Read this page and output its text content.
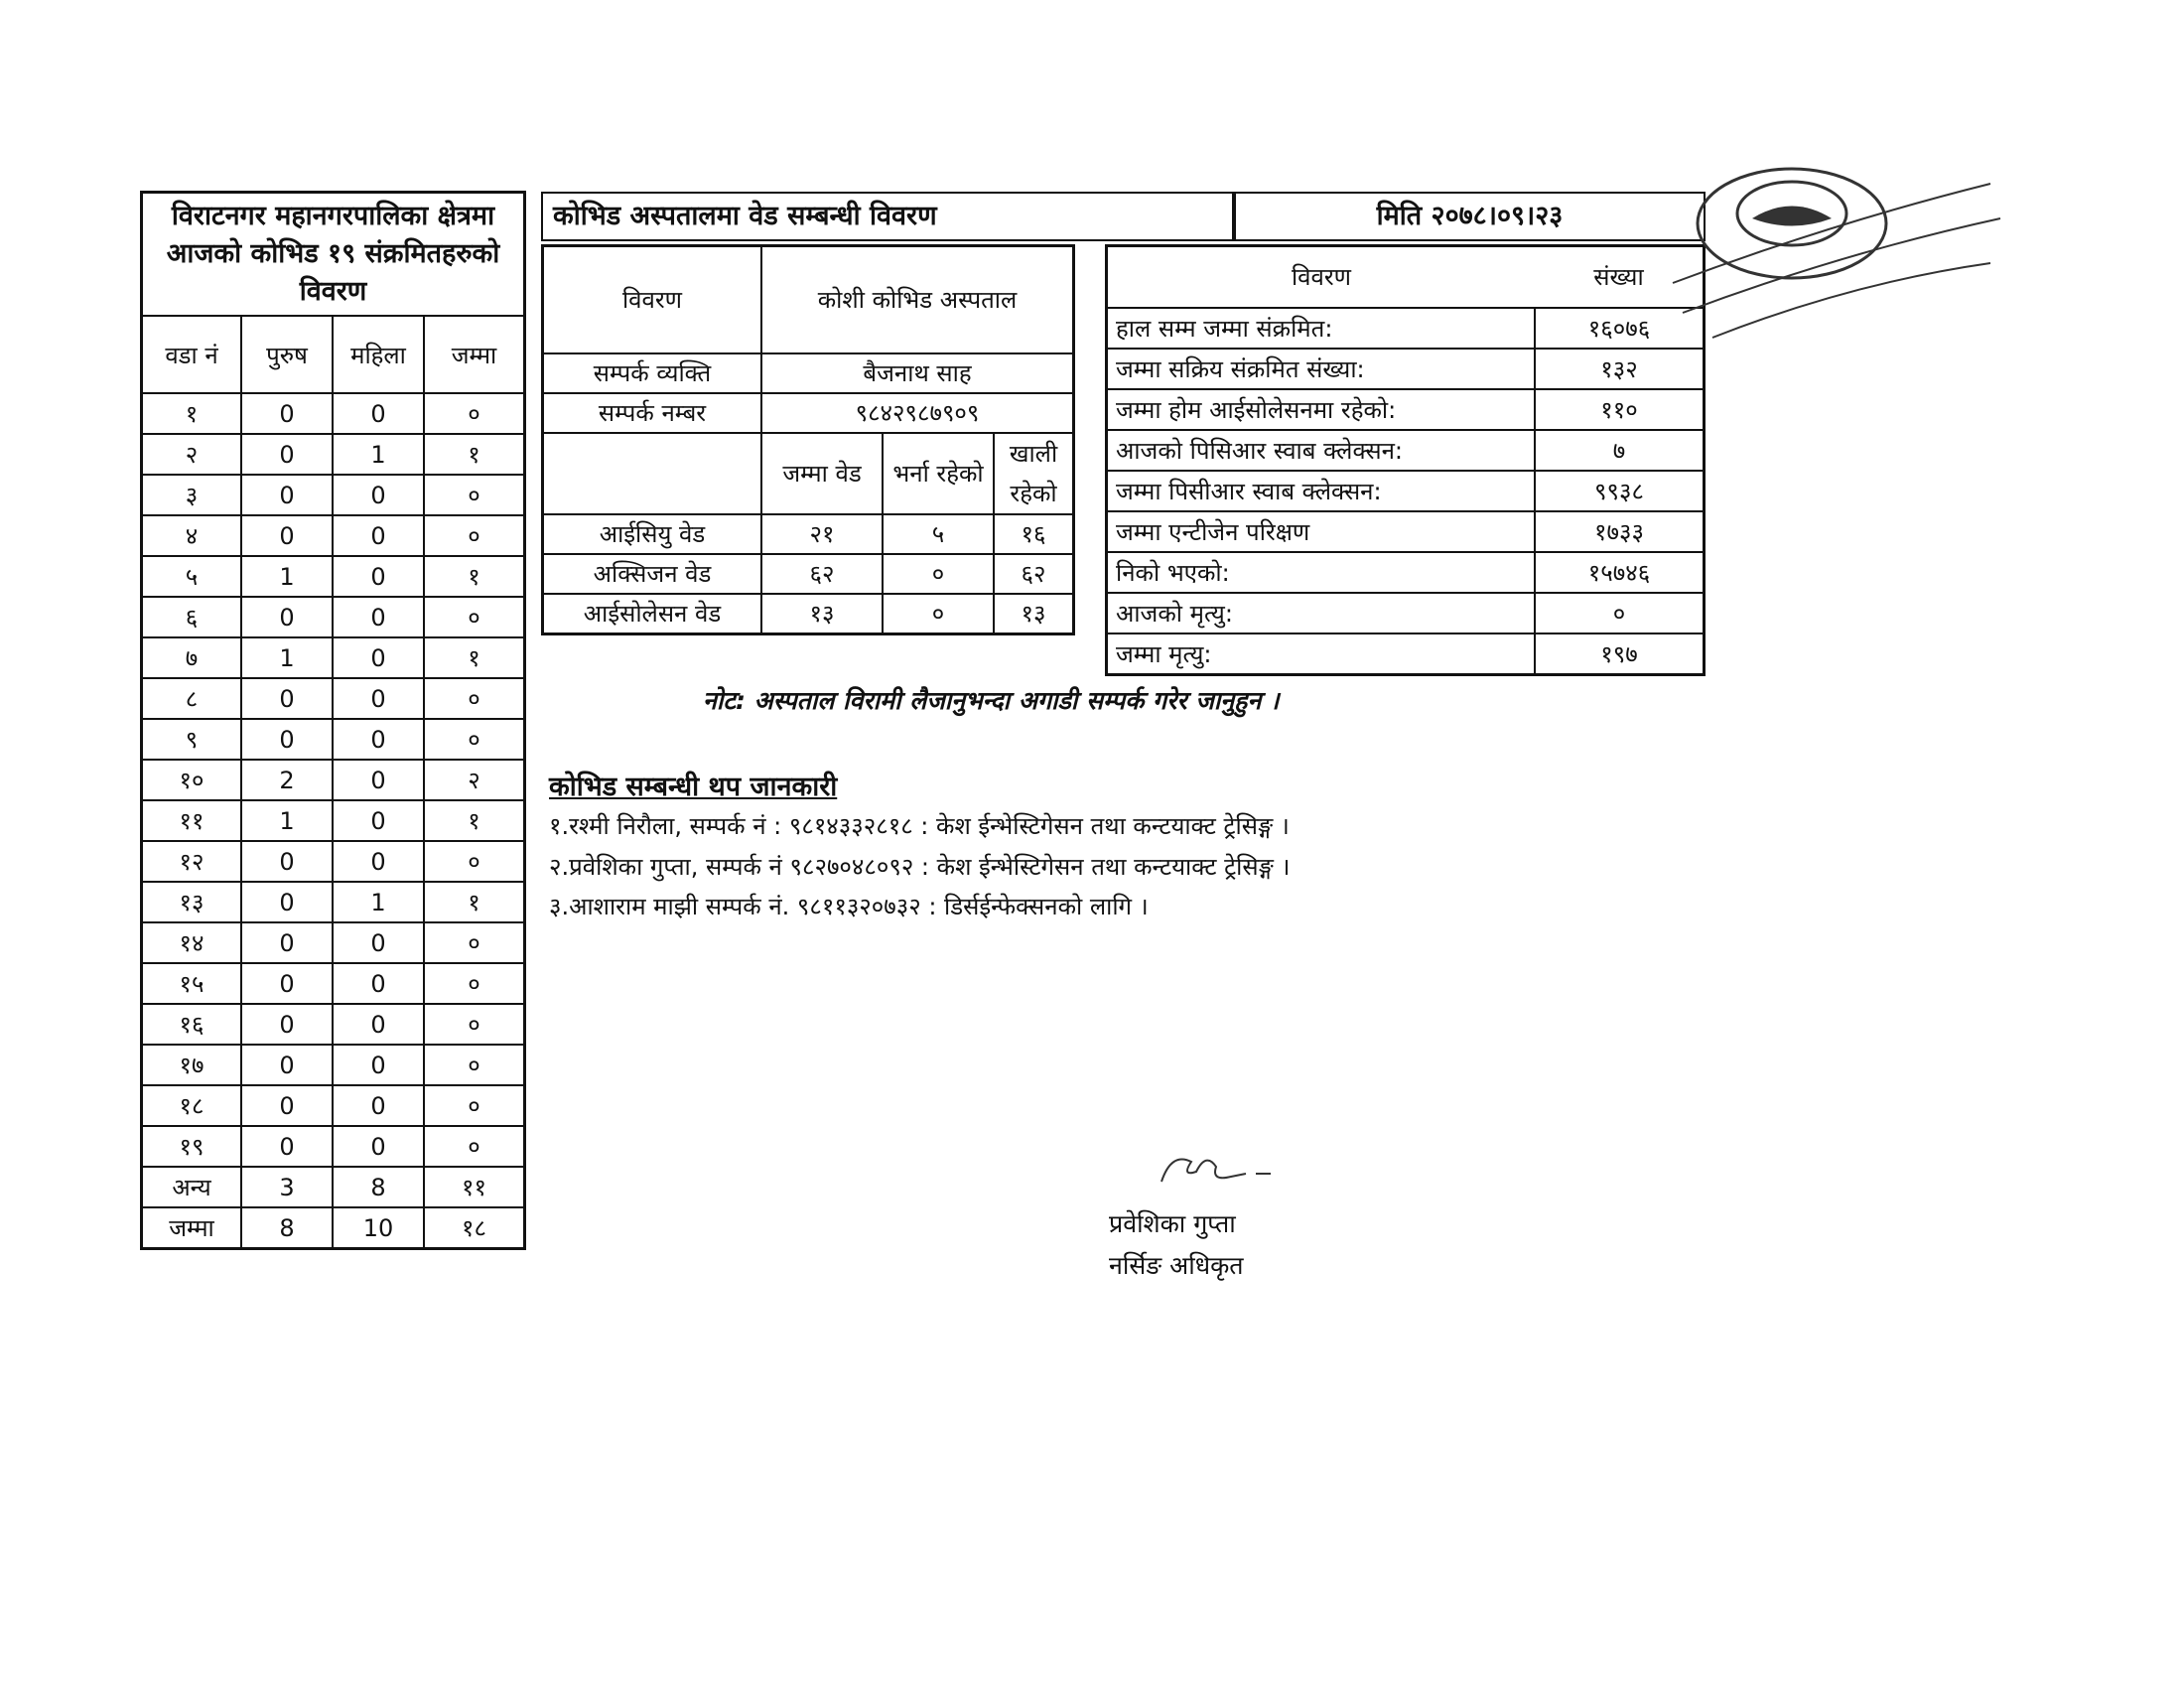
विराटनगर महानगरपालिका क्षेत्रमा आजको कोभिड १९ संक्रमितहरुको विवरण			
वडा नं	पुरुष	महिला	जम्मा
१	0	0	०
२	0	1	१
३	0	0	०
४	0	0	०
५	1	0	१
६	0	0	०
७	1	0	१
८	0	0	०
९	0	0	०
१०	2	0	२
११	1	0	१
१२	0	0	०
१३	0	1	१
१४	0	0	०
१५	0	0	०
१६	0	0	०
१७	0	0	०
१८	0	0	०
१९	0	0	०
अन्य	3	8	११
जम्मा	8	10	१८
कोभिड अस्पतालमा वेड सम्बन्धी विवरण	मिति २०७८।०९।२३
विवरण	कोशी कोभिड अस्पताल		
सम्पर्क व्यक्ति	बैजनाथ साह		
सम्पर्क नम्बर	९८४२९८७९०९		
	जम्मा वेड	भर्ना रहेको	खाली रहेको
आईसियु वेड	२१	५	१६
अक्सिजन वेड	६२	०	६२
आईसोलेसन वेड	१३	०	१३
विवरण	संख्या
हाल सम्म जम्मा संक्रमित:	१६०७६
जम्मा सक्रिय संक्रमित संख्या:	१३२
जम्मा होम आईसोलेसनमा रहेको:	११०
आजको पिसिआर स्वाब क्लेक्सन:	७
जम्मा पिसीआर स्वाब क्लेक्सन:	९९३८
जम्मा एन्टीजेन परिक्षण	१७३३
निको भएको:	१५७४६
आजको मृत्यु:	०
जम्मा मृत्यु:	१९७
नोट: अस्पताल विरामी लैजानुभन्दा अगाडी सम्पर्क गरेर जानुहुन ।
कोभिड सम्बन्धी थप जानकारी
१.रश्मी निरौला, सम्पर्क नं : ९८१४३३२८१८ : केश ईन्भेस्टिगेसन तथा कन्टयाक्ट ट्रेसिङ्ग ।
२.प्रवेशिका गुप्ता, सम्पर्क नं ९८२७०४८०९२ : केश ईन्भेस्टिगेसन तथा कन्टयाक्ट ट्रेसिङ्ग ।
३.आशाराम माझी सम्पर्क नं. ९८११३२०७३२ : डिर्सईन्फेक्सनको लागि ।
प्रवेशिका गुप्ता
नर्सिङ अधिकृत
